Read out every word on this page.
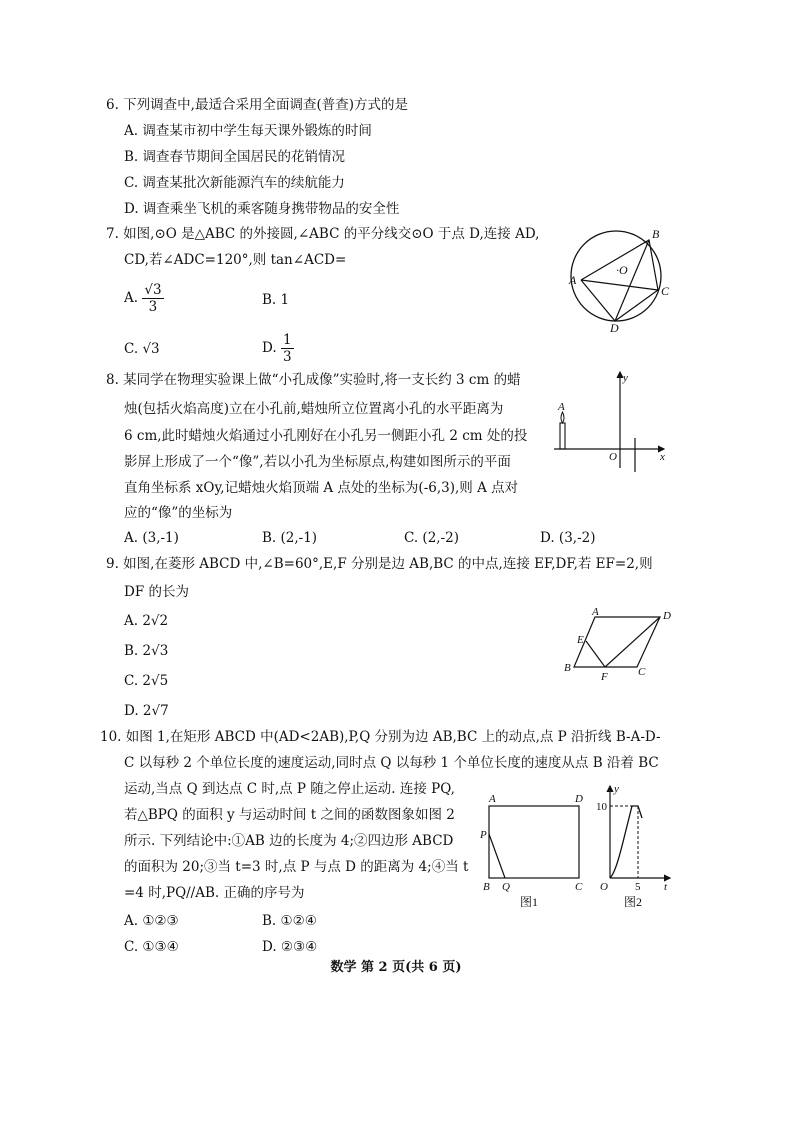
6. 下列调查中,最适合采用全面调查(普查)方式的是
A. 调查某市初中学生每天课外锻炼的时间
B. 调查春节期间全国居民的花销情况
C. 调查某批次新能源汽车的续航能力
D. 调查乘坐飞机的乘客随身携带物品的安全性
7. 如图,⊙O 是△ABC 的外接圆,∠ABC 的平分线交⊙O 于点 D,连接 AD,
CD,若∠ADC=120°,则 tan∠ACD=
A. $\frac{√3}{3}$	B. 1
C. √3	D. $\frac{1}{3}$
B
A
C
D
·O
8. 某同学在物理实验课上做“小孔成像”实验时,将一支长约 3 cm 的蜡
烛(包括火焰高度)立在小孔前,蜡烛所立位置离小孔的水平距离为
6 cm,此时蜡烛火焰通过小孔刚好在小孔另一侧距小孔 2 cm 处的投
影屏上形成了一个“像”,若以小孔为坐标原点,构建如图所示的平面
直角坐标系 xOy,记蜡烛火焰顶端 A 点处的坐标为(-6,3),则 A 点对
应的“像”的坐标为
A. (3,-1)	B. (2,-1)	C. (2,-2)	D. (3,-2)
A
O	x
y
9. 如图,在菱形 ABCD 中,∠B=60°,E,F 分别是边 AB,BC 的中点,连接 EF,DF,若 EF=2,则
DF 的长为
A. 2√2
B. 2√3
C. 2√5
D. 2√7
A	D
E
B
F	C
10. 如图 1,在矩形 ABCD 中(AD<2AB),P,Q 分别为边 AB,BC 上的动点,点 P 沿折线 B-A-D-
C 以每秒 2 个单位长度的速度运动,同时点 Q 以每秒 1 个单位长度的速度从点 B 沿着 BC
运动,当点 Q 到达点 C 时,点 P 随之停止运动. 连接 PQ,
若△BPQ 的面积 y 与运动时间 t 之间的函数图象如图 2
所示. 下列结论中:①AB 边的长度为 4;②四边形 ABCD
的面积为 20;③当 t=3 时,点 P 与点 D 的距离为 4;④当 t
=4 时,PQ//AB. 正确的序号为
A. ①②③	B. ①②④
C. ①③④	D. ②③④
A	D
P
B Q	C
图1
y
10
O 5 t
图2
数学 第 2 页(共 6 页)
